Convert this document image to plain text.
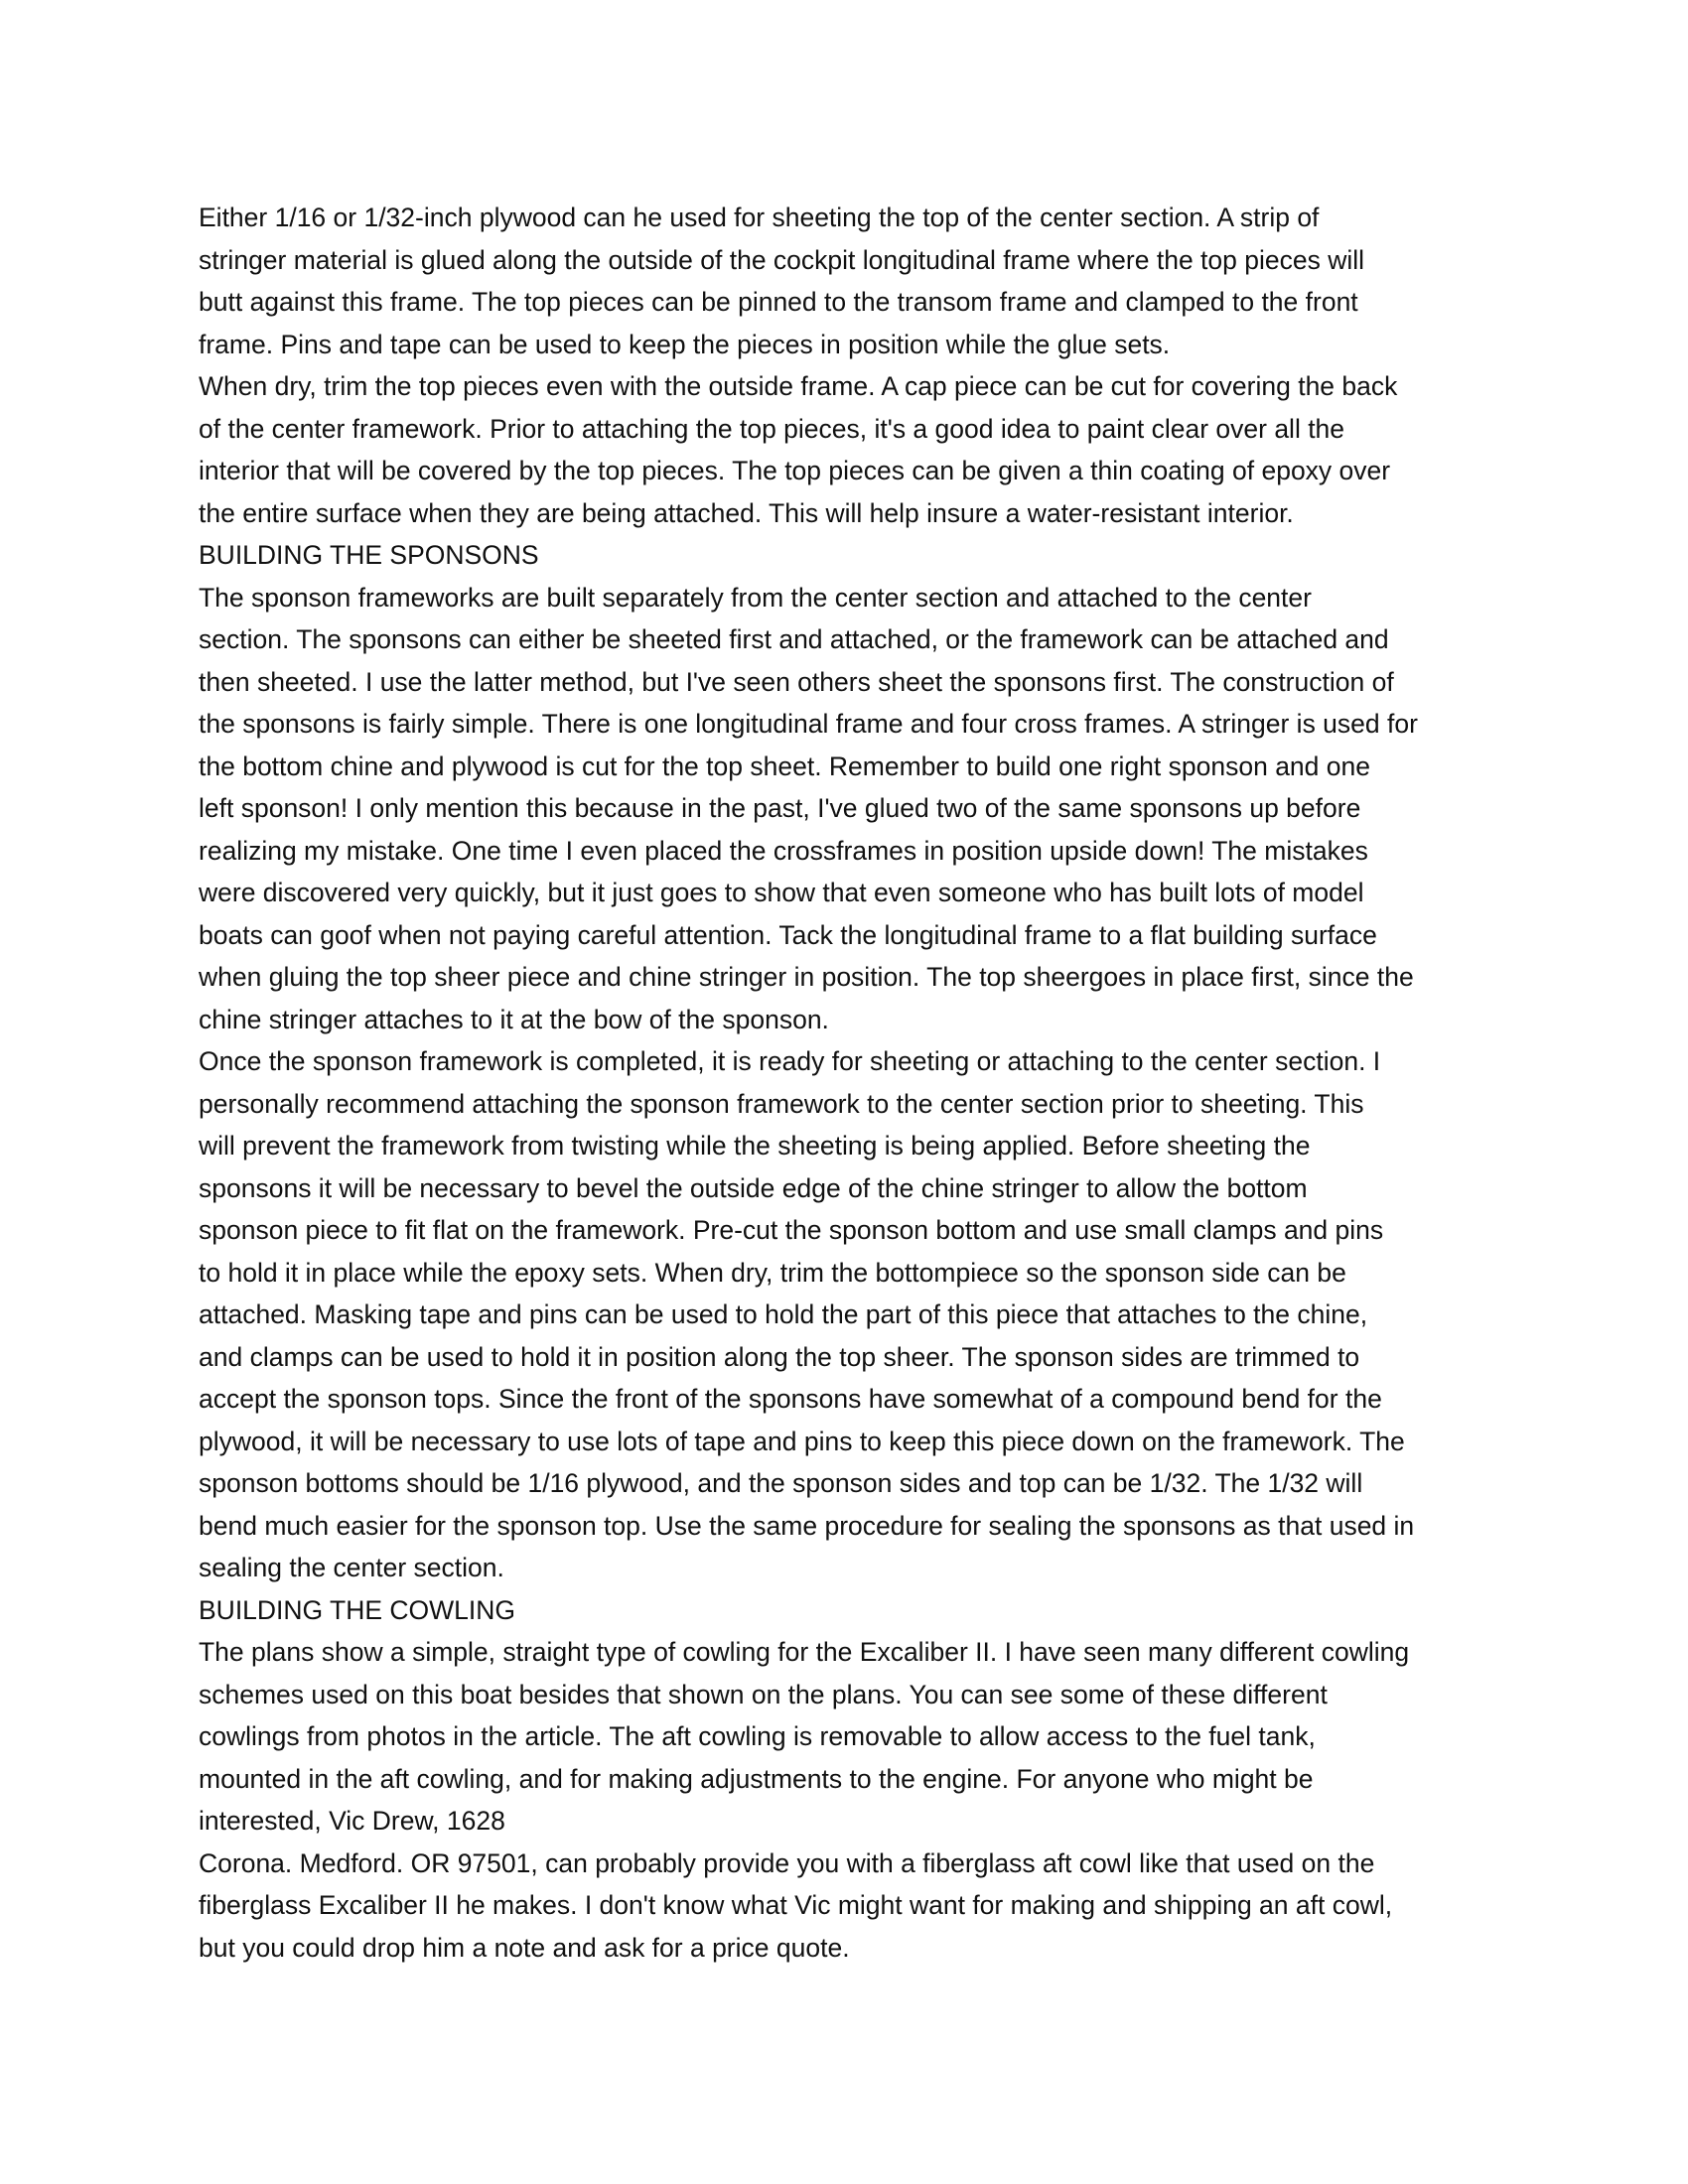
Either 1/16 or 1/32-inch plywood can he used for sheeting the top of the center section. A strip of
stringer material is glued along the outside of the cockpit longitudinal frame where the top pieces will
butt against this frame. The top pieces can be pinned to the transom frame and clamped to the front
frame. Pins and tape can be used to keep the pieces in position while the glue sets.
When dry, trim the top pieces even with the outside frame. A cap piece can be cut for covering the back
of the center framework. Prior to attaching the top pieces, it's a good idea to paint clear over all the
interior that will be covered by the top pieces. The top pieces can be given a thin coating of epoxy over
the entire surface when they are being attached. This will help insure a water-resistant interior.
BUILDING THE SPONSONS
The sponson frameworks are built separately from the center section and attached to the center
section. The sponsons can either be sheeted first and attached, or the framework can be attached and
then sheeted. I use the latter method, but I've seen others sheet the sponsons first. The construction of
the sponsons is fairly simple. There is one longitudinal frame and four cross frames. A stringer is used for
the bottom chine and plywood is cut for the top sheet. Remember to build one right sponson and one
left sponson! I only mention this because in the past, I've glued two of the same sponsons up before
realizing my mistake. One time I even placed the crossframes in position upside down! The mistakes
were discovered very quickly, but it just goes to show that even someone who has built lots of model
boats can goof when not paying careful attention. Tack the longitudinal frame to a flat building surface
when gluing the top sheer piece and chine stringer in position. The top sheergoes in place first, since the
chine stringer attaches to it at the bow of the sponson.
Once the sponson framework is completed, it is ready for sheeting or attaching to the center section. I
personally recommend attaching the sponson framework to the center section prior to sheeting. This
will prevent the framework from twisting while the sheeting is being applied. Before sheeting the
sponsons it will be necessary to bevel the outside edge of the chine stringer to allow the bottom
sponson piece to fit flat on the framework. Pre-cut the sponson bottom and use small clamps and pins
to hold it in place while the epoxy sets. When dry, trim the bottompiece so the sponson side can be
attached. Masking tape and pins can be used to hold the part of this piece that attaches to the chine,
and clamps can be used to hold it in position along the top sheer. The sponson sides are trimmed to
accept the sponson tops. Since the front of the sponsons have somewhat of a compound bend for the
plywood, it will be necessary to use lots of tape and pins to keep this piece down on the framework. The
sponson bottoms should be 1/16 plywood, and the sponson sides and top can be 1/32. The 1/32 will
bend much easier for the sponson top. Use the same procedure for sealing the sponsons as that used in
sealing the center section.
BUILDING THE COWLING
The plans show a simple, straight type of cowling for the Excaliber II. I have seen many different cowling
schemes used on this boat besides that shown on the plans. You can see some of these different
cowlings from photos in the article. The aft cowling is removable to allow access to the fuel tank,
mounted in the aft cowling, and for making adjustments to the engine. For anyone who might be
interested, Vic Drew, 1628
Corona. Medford. OR 97501, can probably provide you with a fiberglass aft cowl like that used on the
fiberglass Excaliber II he makes. I don't know what Vic might want for making and shipping an aft cowl,
but you could drop him a note and ask for a price quote.
